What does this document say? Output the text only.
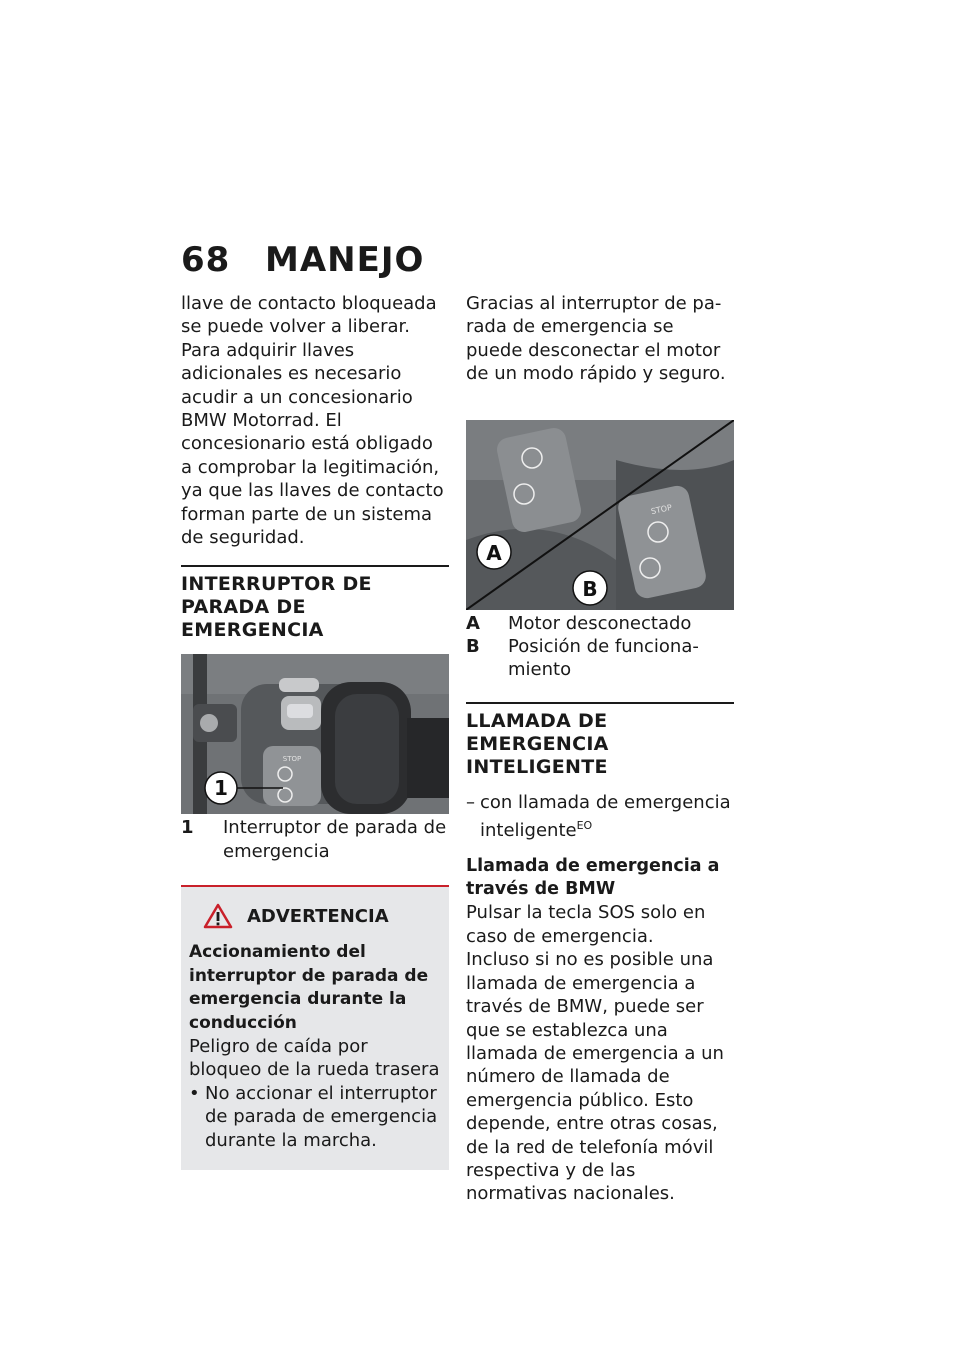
68 MANEJO

llave de contacto bloqueada se puede volver a liberar.

Para adquirir llaves adicionales es necesario acudir a un concesionario BMW Motorrad. El concesionario está obligado a comprobar la legitimación, ya que las llaves de contacto forman parte de un sistema de seguridad.

INTERRUPTOR DE PARADA DE EMERGENCIA
STOP
1
1	Interruptor de parada de emergencia
ADVERTENCIA
Accionamiento del interruptor de parada de emergencia durante la conducción
Peligro de caída por bloqueo de la rueda trasera
• No accionar el interruptor de parada de emergencia durante la marcha.

Gracias al interruptor de parada de emergencia se puede desconectar el motor de un modo rápido y seguro.

STOP
A
B
A	Motor desconectado
B	Posición de funcionamiento
LLAMADA DE EMERGENCIA INTELIGENTE
– con llamada de emergencia inteligente$^{EO}$
Llamada de emergencia a través de BMW

Pulsar la tecla SOS solo en caso de emergencia.

Incluso si no es posible una llamada de emergencia a través de BMW, puede ser que se establezca una llamada de emergencia a un número de llamada de emergencia público. Esto depende, entre otras cosas, de la red de telefonía móvil respectiva y de las normativas nacionales.
